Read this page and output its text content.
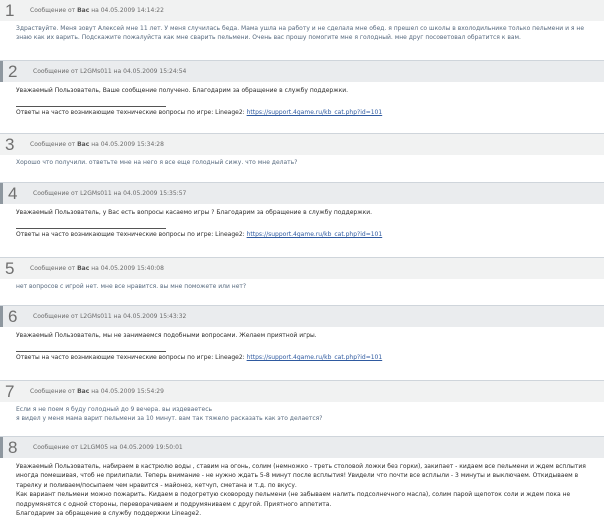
1	Сообщение от Вас на 04.05.2009 14:14:22
Здраствуйте. Меня зовут Алексей мне 11 лет. У меня случилась беда. Мама ушла на работу и не сделала мне обед. я прешел со школы в вхолодильнике только пельмени и я не
знаю как их варить. Подскажите пожалуйста как мне сварить пельмени. Очень вас прошу помогите мне я голодный. мне друг посоветовал обратится к вам.
2	Сообщение от L2GMs011 на 04.05.2009 15:24:54
Уважаемый Пользователь, Ваше сообщение получено. Благодарим за обращение в службу поддержки.
Ответы на часто возникающие технические вопросы по игре: Lineage2: https://support.4game.ru/kb_cat.php?id=101
3	Сообщение от Вас на 04.05.2009 15:34:28
Хорошо что получили. ответьте мне на него я все еще голодный сижу. что мне делать?
4	Сообщение от L2GMs011 на 04.05.2009 15:35:57
Уважаемый Пользователь, у Вас есть вопросы касаемо игры ? Благодарим за обращение в службу поддержки.
Ответы на часто возникающие технические вопросы по игре: Lineage2: https://support.4game.ru/kb_cat.php?id=101
5	Сообщение от Вас на 04.05.2009 15:40:08
нет вопросов с игрой нет. мне все нравится. вы мне поможете или нет?
6	Сообщение от L2GMs011 на 04.05.2009 15:43:32
Уважаемый Пользователь, мы не занимаемся подобными вопросами. Желаем приятной игры.
Ответы на часто возникающие технические вопросы по игре: Lineage2: https://support.4game.ru/kb_cat.php?id=101
7	Сообщение от Вас на 04.05.2009 15:54:29
Если я не поем я буду голодный до 9 вечера. вы издеваетесь
я видел у меня мама варит пельмени за 10 минут. вам так тяжело расказать как это делается?
8	Сообщение от L2LGM05 на 04.05.2009 19:50:01
Уважаемый Пользователь, набираем в кастрюлю воды , ставим на огонь, солим (немножко - треть столовой ложки без горки), закипает - кидаем все пельмени и ждем всплытия
иногда помешивая, чтоб не прилипали. Теперь внимание - не нужно ждать 5-8 минут после всплытия! Увидели что почти все всплыли - 3 минуты и выключаем. Откидываем в
тарелку и поливаем/посыпаем чем нравится - майонез, кетчуп, сметана и т.д. по вкусу.
Как вариант пельмени можно пожарить. Кидаем в подогретую сковороду пельмени (не забываем налить подсолнечного масла), солим парой щепоток соли и ждем пока не
подрумянятся с одной стороны, переворачиваем и подрумяниваем с другой. Приятного аппетита.
Благодарим за обращение в службу поддержки Lineage2.
